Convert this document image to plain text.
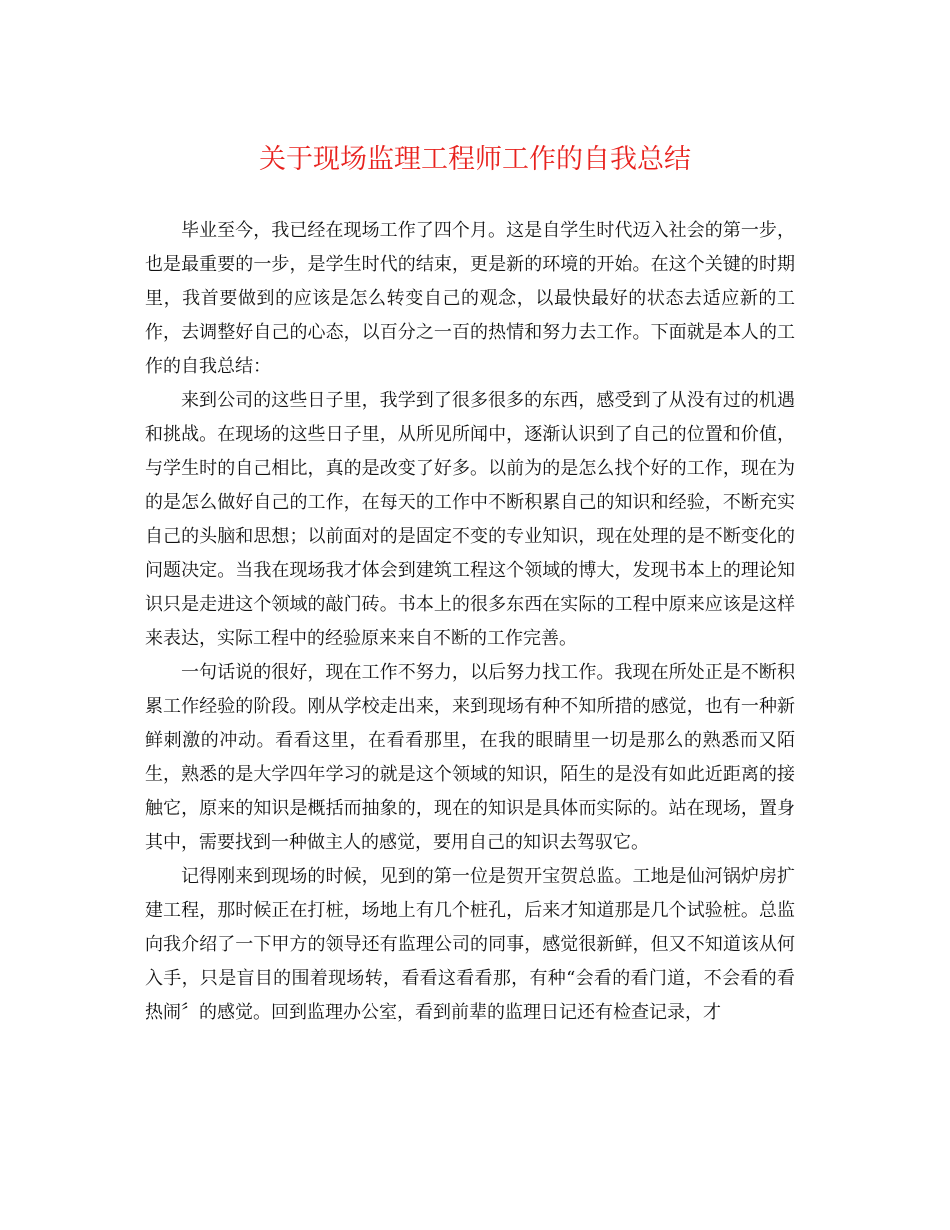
关于现场监理工程师工作的自我总结

毕业至今，我已经在现场工作了四个月。这是自学生时代迈入社会的第一步，也是最重要的一步，是学生时代的结束，更是新的环境的开始。在这个关键的时期里，我首要做到的应该是怎么转变自己的观念，以最快最好的状态去适应新的工作，去调整好自己的心态，以百分之一百的热情和努力去工作。下面就是本人的工作的自我总结：

来到公司的这些日子里，我学到了很多很多的东西，感受到了从没有过的机遇和挑战。在现场的这些日子里，从所见所闻中，逐渐认识到了自己的位置和价值，与学生时的自己相比，真的是改变了好多。以前为的是怎么找个好的工作，现在为的是怎么做好自己的工作，在每天的工作中不断积累自己的知识和经验，不断充实自己的头脑和思想；以前面对的是固定不变的专业知识，现在处理的是不断变化的问题决定。当我在现场我才体会到建筑工程这个领域的博大，发现书本上的理论知识只是走进这个领域的敲门砖。书本上的很多东西在实际的工程中原来应该是这样来表达，实际工程中的经验原来来自不断的工作完善。

一句话说的很好，现在工作不努力，以后努力找工作。我现在所处正是不断积累工作经验的阶段。刚从学校走出来，来到现场有种不知所措的感觉，也有一种新鲜刺激的冲动。看看这里，在看看那里，在我的眼睛里一切是那么的熟悉而又陌生，熟悉的是大学四年学习的就是这个领域的知识，陌生的是没有如此近距离的接触它，原来的知识是概括而抽象的，现在的知识是具体而实际的。站在现场，置身其中，需要找到一种做主人的感觉，要用自己的知识去驾驭它。

记得刚来到现场的时候，见到的第一位是贺开宝贺总监。工地是仙河锅炉房扩建工程，那时候正在打桩，场地上有几个桩孔，后来才知道那是几个试验桩。总监向我介绍了一下甲方的领导还有监理公司的同事，感觉很新鲜，但又不知道该从何入手，只是盲目的围着现场转，看看这看看那，有种“会看的看门道，不会看的看热闹〞的感觉。回到监理办公室，看到前辈的监理日记还有检查记录，才
